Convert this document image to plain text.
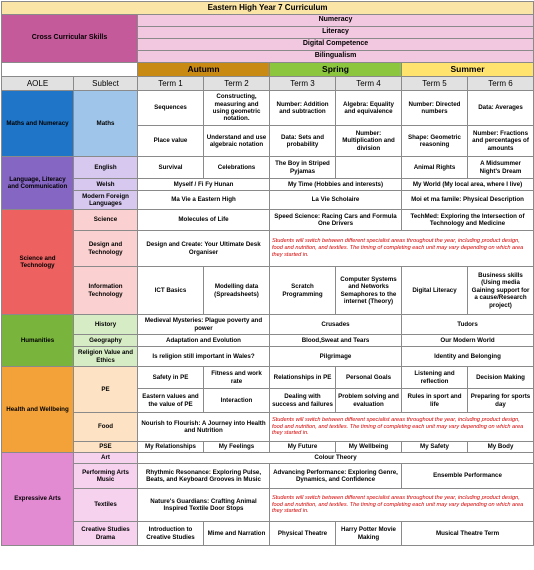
Eastern High Year 7 Curriculum							
Cross Curricular Skills		Numeracy					
		Literacy					
		Digital Competence					
		Bilingualism					
		Autumn		Spring		Summer	
AOLE	Sublect	Term 1	Term 2	Term 3	Term 4	Term 5	Term 6
Maths and Numeracy	Maths	Sequences	Constructing, measuring and using geometric notation.	Number: Addition and subtraction	Algebra: Equality and equivalence	Number: Directed numbers	Data: Averages
		Place value	Understand and use algebraic notation	Data: Sets and probability	Number: Multiplication and division	Shape: Geometric reasoning	Number: Fractions and percentages of amounts
Language, Literacy and Communication	English	Survival	Celebrations	The Boy in Striped Pyjamas		Animal Rights	A Midsummer Night's Dream
	Welsh	Myself / Fi Fy Hunan		My Time (Hobbies and interests)		My World (My local area, where I live)	
	Modern Foreign Languages	Ma Vie a Eastern High		La Vie Scholaire		Moi et ma famile: Physical Description	
Science and Technology	Science	Molecules of Life		Speed Science: Racing Cars and Formula One Drivers		TechMed: Exploring the Intersection of Technology and Medicine	
	Design and Technology	Design and Create: Your Ultimate Desk Organiser		Students will switch between different specialist areas throughout the year, including product design, food and nutrition, and textiles. The timing of completing each unit may vary depending on which area they started in.			
	Information Technology	ICT Basics	Modelling data (Spreadsheets)	Scratch Programming	Computer Systems and Networks Semaphores to the internet (Theory)	Digital Literacy	Business skills (Using media Gaining support for a cause/Research project)
Humanities	History	Medieval Mysteries: Plague poverty and power		Crusades		Tudors	
	Geography	Adaptation and Evolution		Blood,Sweat and Tears		Our Modern World	
	Religion Value and Ethics	Is religion still important in Wales?		Pilgrimage		Identity and Belonging	
Health and Wellbeing	PE	Safety in PE	Fitness and work rate	Relationships in PE	Personal Goals	Listening and reflection	Decision Making
		Eastern values and the value of PE	Interaction	Dealing with success and failures	Problem solving and evaluation	Rules in sport and life	Preparing for sports day
	Food	Nourish to Flourish: A Journey into Health and Nutrition		Students will switch between different specialist areas throughout the year, including product design, food and nutrition, and textiles. The timing of completing each unit may vary depending on which area they started in.			
	PSE	My Relationships	My Feelings	My Future	My Wellbeing	My Safety	My Body
Expressive Arts	Art	Colour Theory					
	Performing Arts Music	Rhythmic Resonance: Exploring Pulse, Beats, and Keyboard Grooves in Music		Advancing Performance: Exploring Genre, Dynamics, and Confidence		Ensemble Performance	
	Textiles	Nature's Guardians: Crafting Animal Inspired Textile Door Stops		Students will switch between different specialist areas throughout the year, including product design, food and nutrition, and textiles. The timing of completing each unit may vary depending on which area they started in.			
	Creative Studies Drama	Introduction to Creative Studies	Mime and Narration	Physical Theatre	Harry Potter Movie Making	Musical Theatre Term	
